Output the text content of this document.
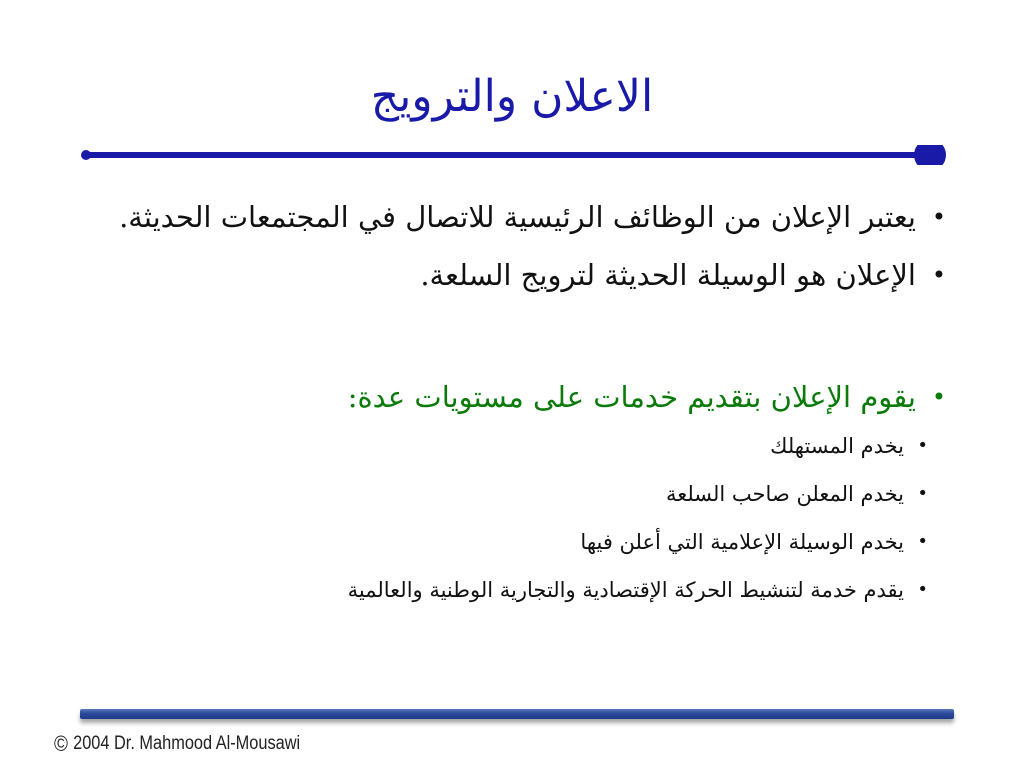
الاعلان والترويج
• يعتبر الإعلان من الوظائف الرئيسية للاتصال في المجتمعات الحديثة.
• الإعلان هو الوسيلة الحديثة لترويج السلعة.
• يقوم الإعلان بتقديم خدمات على مستويات عدة:
• يخدم المستهلك
• يخدم المعلن صاحب السلعة
• يخدم الوسيلة الإعلامية التي أعلن فيها
• يقدم خدمة لتنشيط الحركة الإقتصادية والتجارية الوطنية والعالمية
© 2004 Dr. Mahmood Al-Mousawi
